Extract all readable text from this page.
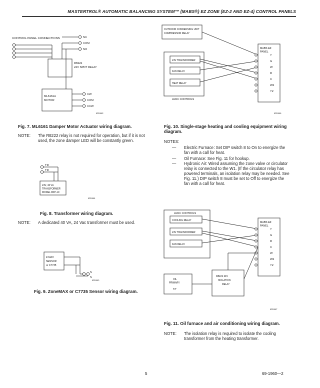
MASTERTROL® AUTOMATIC BALANCING SYSTEM™ (MABS®) EZ ZONE (EZ-2 AND EZ-4) CONTROL PANELS
CONTROL PANEL CONNECTIONS
R8222
24V SPDT RELAY
NC
COM
NO
ML6161A
MOTOR
CW
COM
CCW
M15403
Fig. 7. ML6161 Damper Motor Actuator wiring diagram.
NOTE: The R8222 relay is not required for operation, but if it is not used, the zone damper LED will be constantly green.
TR
TR
24V, 40 VA
TRANSFORMER
MODEL FRP-10
M15404
Fig. 8. Transformer wiring diagram.
NOTE: A dedicated 40 VA, 24 Vac transformer must be used.
Z-MAX
SENSOR
or C7735
S
S
M15405
Fig. 9. ZoneMAX or C7735 Sensor wiring diagram.
OUTDOOR CONDENSING UNIT
COMPRESSOR RELAY
MABS EZ
PANEL
Y
G
W
R
C
W2
Y2
24V TRANSFORMER
FAN RELAY
HEAT RELAY
HVAC CONTROLS
M15406
Fig. 10. Single-stage heating and cooling equipment wiring diagram.
NOTES:
— Electric Furnace: Set DIP switch 8 to On to energize the fan with a call for heat.
— Oil Furnace: See Fig. 11 for hookup.
— Hydronic Air: Wired assuming the zone valve or circulator relay is connected to the W1. (If the circulator relay has powered terminals, an isolation relay may be needed. See Fig. 11.) DIP switch 8 must be set to Off to energize the fan with a call for heat.
HVAC CONTROLS
MABS EZ
PANEL
Y
G
R
C
W
W2
Y2
COOLING RELAY
24V TRANSFORMER
FAN RELAY
OIL
PRIMARY
T/T
R8222 24V
ISOLATION
RELAY
M15407
Fig. 11. Oil furnace and air conditioning wiring diagram.
NOTE: The isolation relay is required to isolate the cooling transformer from the heating transformer.
5	69-1960—2
